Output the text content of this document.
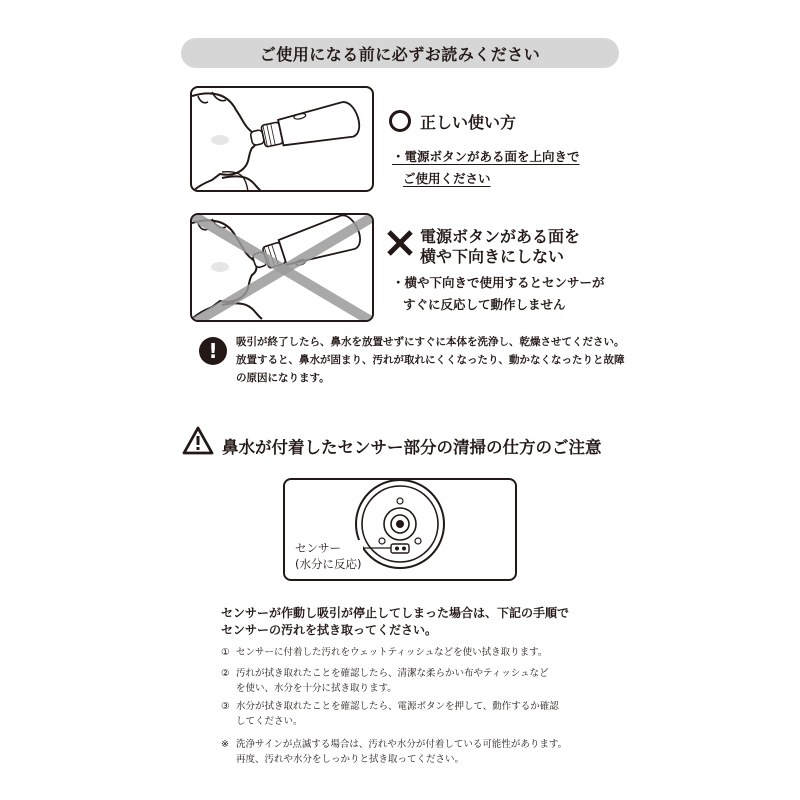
ご使用になる前に必ずお読みください
正しい使い方
・電源ボタンがある面を上向きで
ご使用ください
電源ボタンがある面を
横や下向きにしない
・横や下向きで使用するとセンサーが
すぐに反応して動作しません
!	吸引が終了したら、鼻水を放置せずにすぐに本体を洗浄し、乾燥させてください。
放置すると、鼻水が固まり、汚れが取れにくくなったり、動かなくなったりと故障
の原因になります。
鼻水が付着したセンサー部分の清掃の仕方のご注意
センサー
(水分に反応)
センサーが作動し吸引が停止してしまった場合は、下記の手順で
センサーの汚れを拭き取ってください。
① センサーに付着した汚れをウェットティッシュなどを使い拭き取ります。
② 汚れが拭き取れたことを確認したら、清潔な柔らかい布やティッシュなど
を使い、水分を十分に拭き取ります。
③ 水分が拭き取れたことを確認したら、電源ボタンを押して、動作するか確認
してください。
※ 洗浄サインが点滅する場合は、汚れや水分が付着している可能性があります。
再度、汚れや水分をしっかりと拭き取ってください。
